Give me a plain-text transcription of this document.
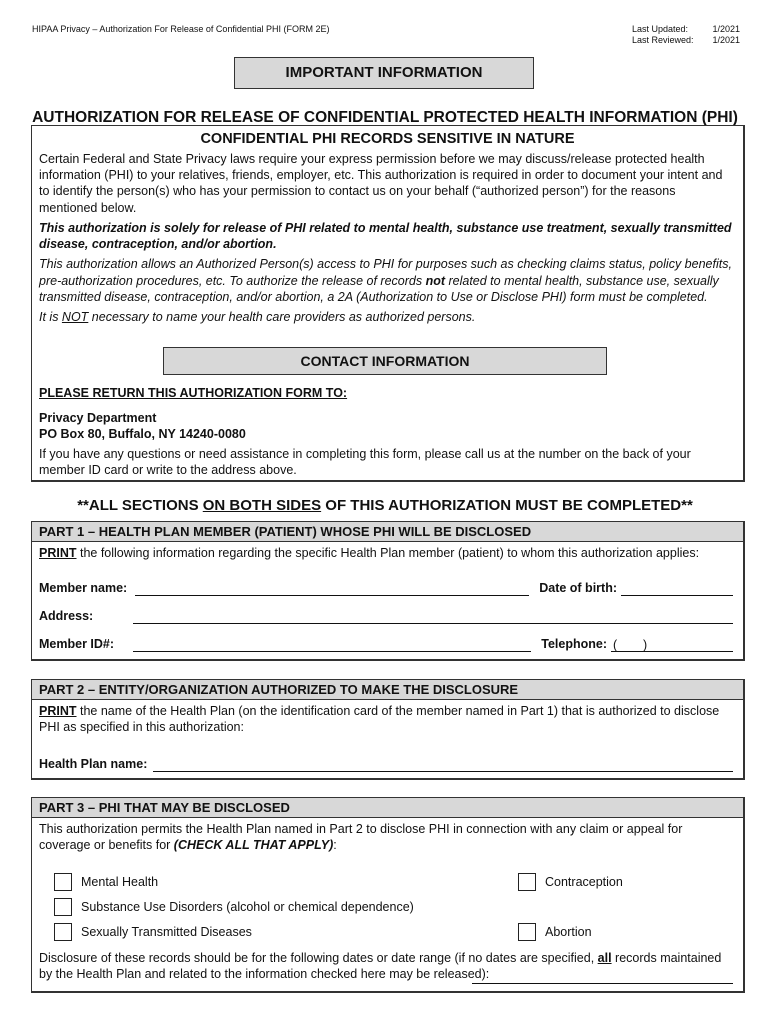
HIPAA Privacy – Authorization For Release of Confidential PHI (FORM 2E)	Last Updated:	1/2021
Last Reviewed: 1/2021
IMPORTANT INFORMATION
AUTHORIZATION FOR RELEASE OF CONFIDENTIAL PROTECTED HEALTH INFORMATION (PHI)
CONFIDENTIAL PHI RECORDS SENSITIVE IN NATURE

Certain Federal and State Privacy laws require your express permission before we may discuss/release protected health information (PHI) to your relatives, friends, employer, etc. This authorization is required in order to document your intent and to identify the person(s) who has your permission to contact us on your behalf (“authorized person”) for the reasons mentioned below.

This authorization is solely for release of PHI related to mental health, substance use treatment, sexually transmitted disease, contraception, and/or abortion.

This authorization allows an Authorized Person(s) access to PHI for purposes such as checking claims status, policy benefits, pre-authorization procedures, etc. To authorize the release of records not related to mental health, substance use, sexually transmitted disease, contraception, and/or abortion, a 2A (Authorization to Use or Disclose PHI) form must be completed.

It is NOT necessary to name your health care providers as authorized persons.

PLEASE RETURN THIS AUTHORIZATION FORM TO:
Privacy Department
PO Box 80, Buffalo, NY 14240-0080
If you have any questions or need assistance in completing this form, please call us at the number on the back of your member ID card or write to the address above.
CONTACT INFORMATION
**ALL SECTIONS ON BOTH SIDES OF THIS AUTHORIZATION MUST BE COMPLETED**
PART 1 – HEALTH PLAN MEMBER (PATIENT) WHOSE PHI WILL BE DISCLOSED
PRINT the following information regarding the specific Health Plan member (patient) to whom this authorization applies:
Member name:	Date of birth:
Address:
Member ID#:	Telephone: ( )
PART 2 – ENTITY/ORGANIZATION AUTHORIZED TO MAKE THE DISCLOSURE
PRINT the name of the Health Plan (on the identification card of the member named in Part 1) that is authorized to disclose PHI as specified in this authorization:
Health Plan name:
PART 3 – PHI THAT MAY BE DISCLOSED
This authorization permits the Health Plan named in Part 2 to disclose PHI in connection with any claim or appeal for coverage or benefits for (CHECK ALL THAT APPLY):
Mental Health	Contraception
Substance Use Disorders (alcohol or chemical dependence)
Sexually Transmitted Diseases	Abortion
Disclosure of these records should be for the following dates or date range (if no dates are specified, all records maintained by the Health Plan and related to the information checked here may be released):
